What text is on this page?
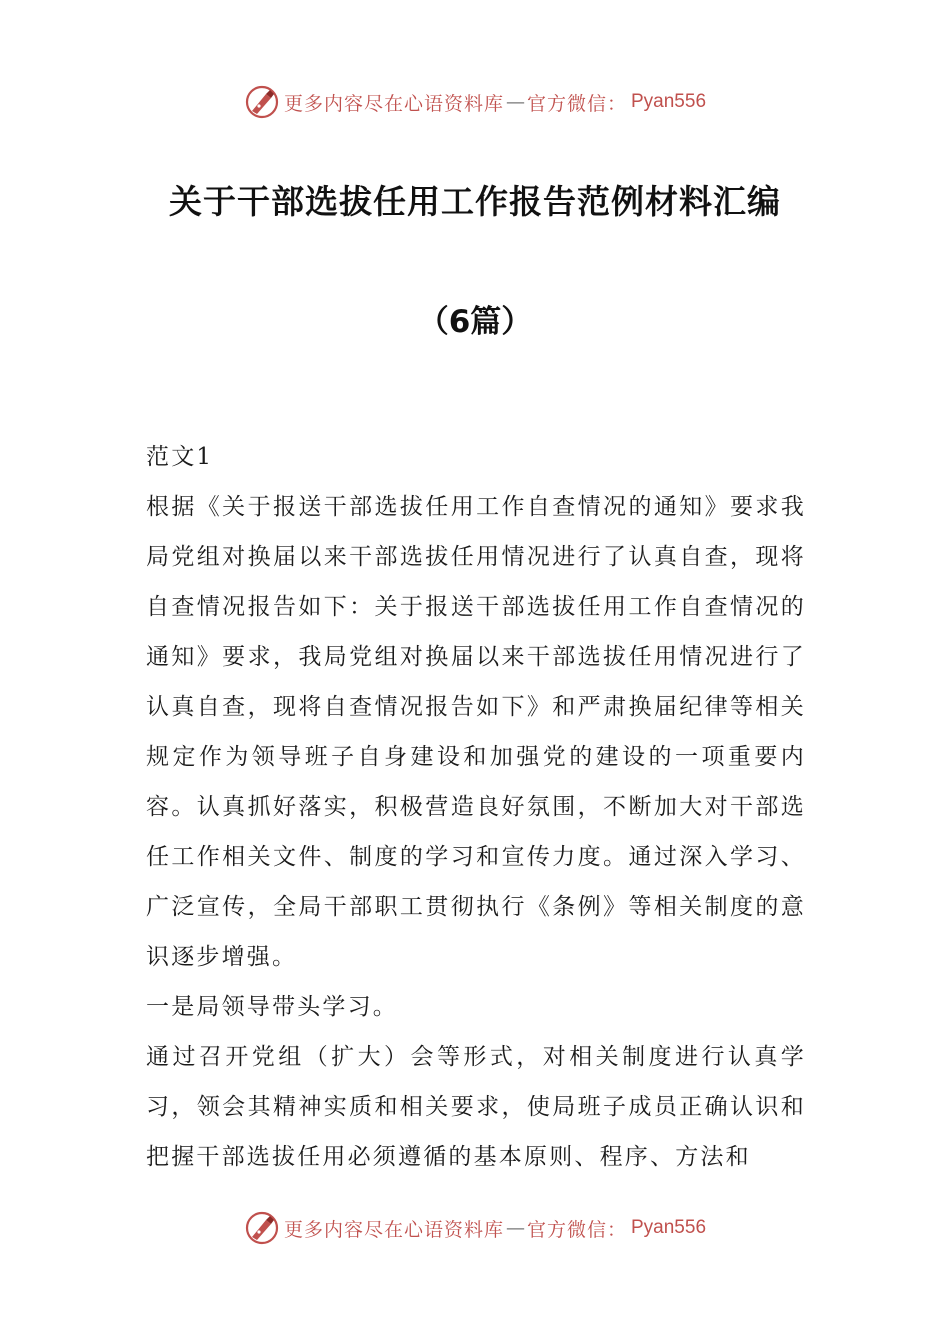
更多内容尽在心语资料库 — 官方微信： Pyan556
关于干部选拔任用工作报告范例材料汇编
（6篇）

范文1

根据《关于报送干部选拔任用工作自查情况的通知》要求我局党组对换届以来干部选拔任用情况进行了认真自查，现将自查情况报告如下：关于报送干部选拔任用工作自查情况的通知》要求，我局党组对换届以来干部选拔任用情况进行了认真自查，现将自查情况报告如下》和严肃换届纪律等相关规定作为领导班子自身建设和加强党的建设的一项重要内容。认真抓好落实，积极营造良好氛围，不断加大对干部选任工作相关文件、制度的学习和宣传力度。通过深入学习、广泛宣传，全局干部职工贯彻执行《条例》等相关制度的意识逐步增强。

一是局领导带头学习。

通过召开党组（扩大）会等形式，对相关制度进行认真学习，领会其精神实质和相关要求，使局班子成员正确认识和把握干部选拔任用必须遵循的基本原则、程序、方法和

更多内容尽在心语资料库 — 官方微信： Pyan556
